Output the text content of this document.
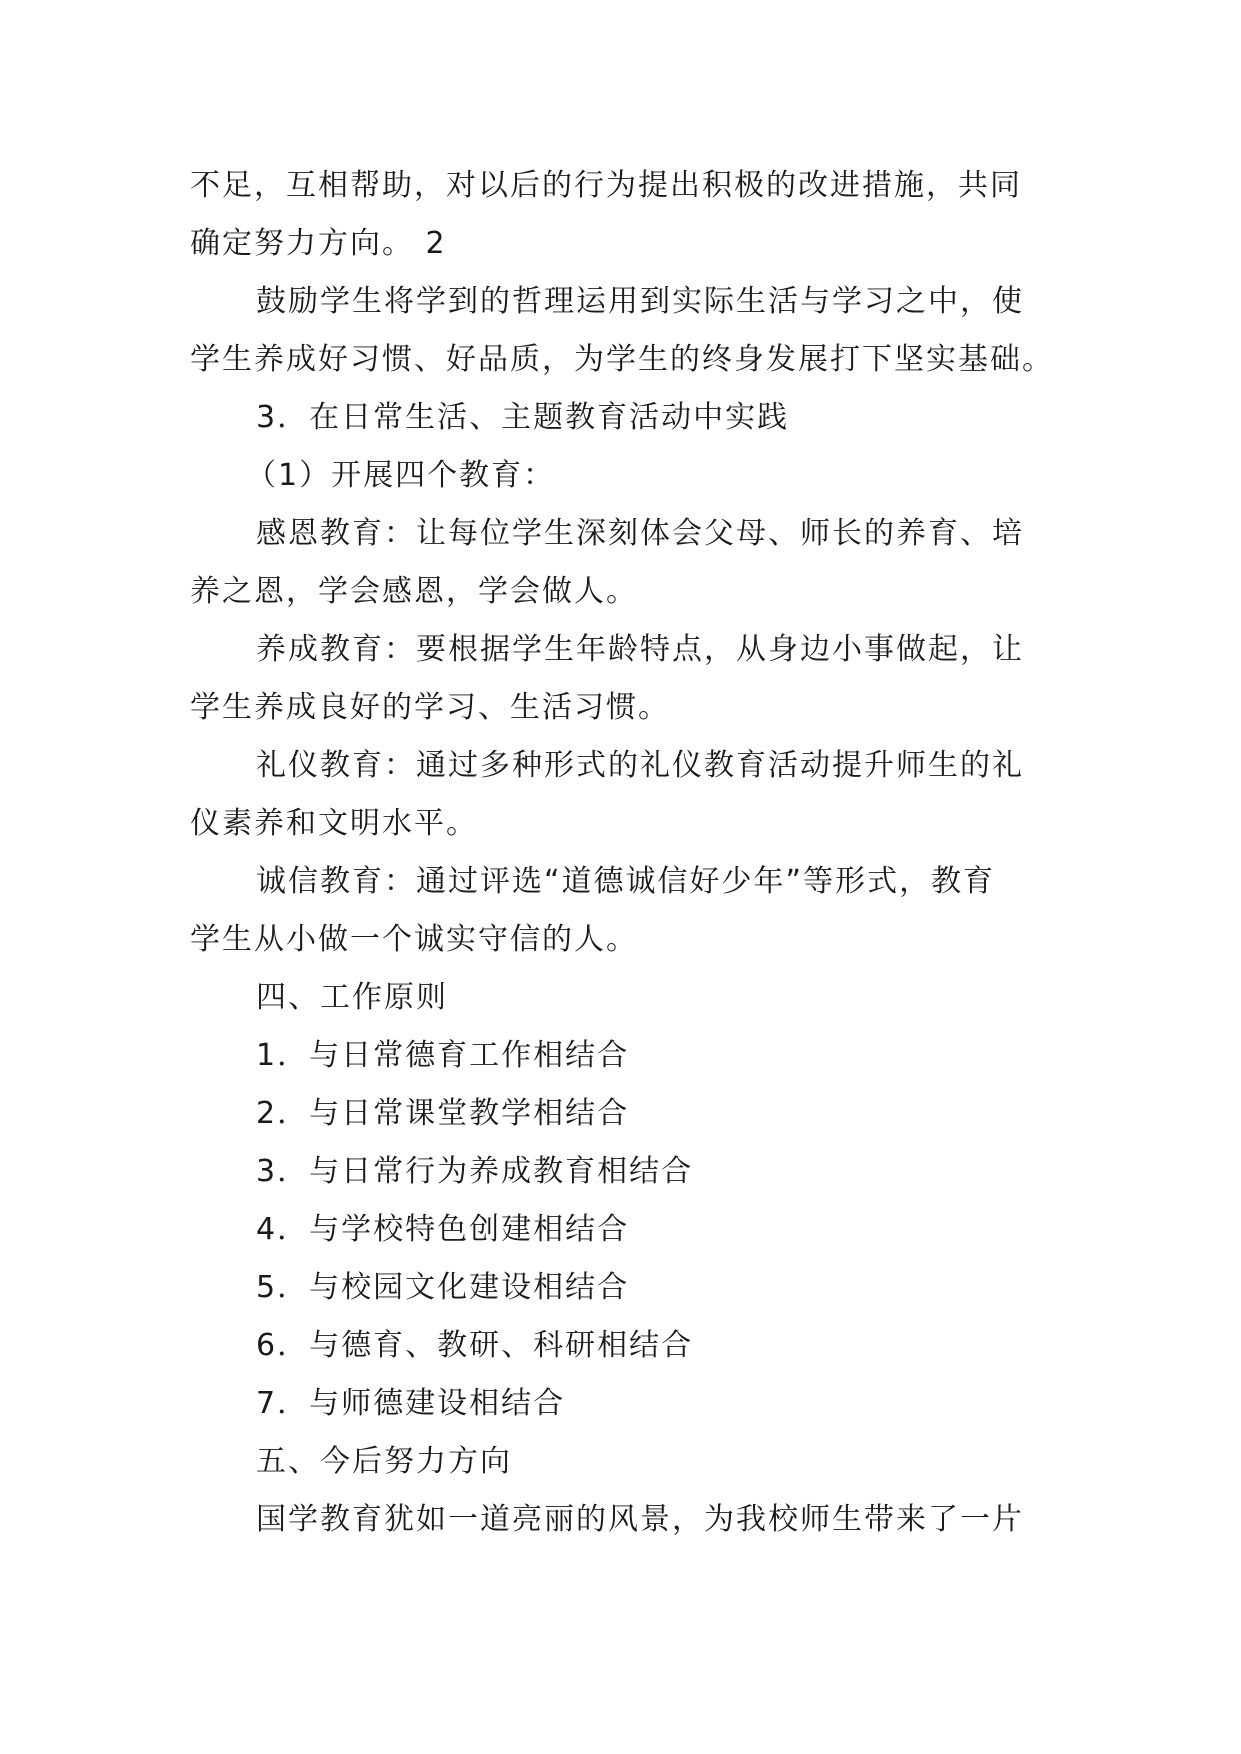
不足，互相帮助，对以后的行为提出积极的改进措施，共同
确定努力方向。 2
鼓励学生将学到的哲理运用到实际生活与学习之中，使
学生养成好习惯、好品质，为学生的终身发展打下坚实基础。
3．在日常生活、主题教育活动中实践
（1）开展四个教育：
感恩教育：让每位学生深刻体会父母、师长的养育、培
养之恩，学会感恩，学会做人。
养成教育：要根据学生年龄特点，从身边小事做起，让
学生养成良好的学习、生活习惯。
礼仪教育：通过多种形式的礼仪教育活动提升师生的礼
仪素养和文明水平。
诚信教育：通过评选“道德诚信好少年”等形式，教育
学生从小做一个诚实守信的人。
四、工作原则
1．与日常德育工作相结合
2．与日常课堂教学相结合
3．与日常行为养成教育相结合
4．与学校特色创建相结合
5．与校园文化建设相结合
6．与德育、教研、科研相结合
7．与师德建设相结合
五、今后努力方向
国学教育犹如一道亮丽的风景，为我校师生带来了一片
